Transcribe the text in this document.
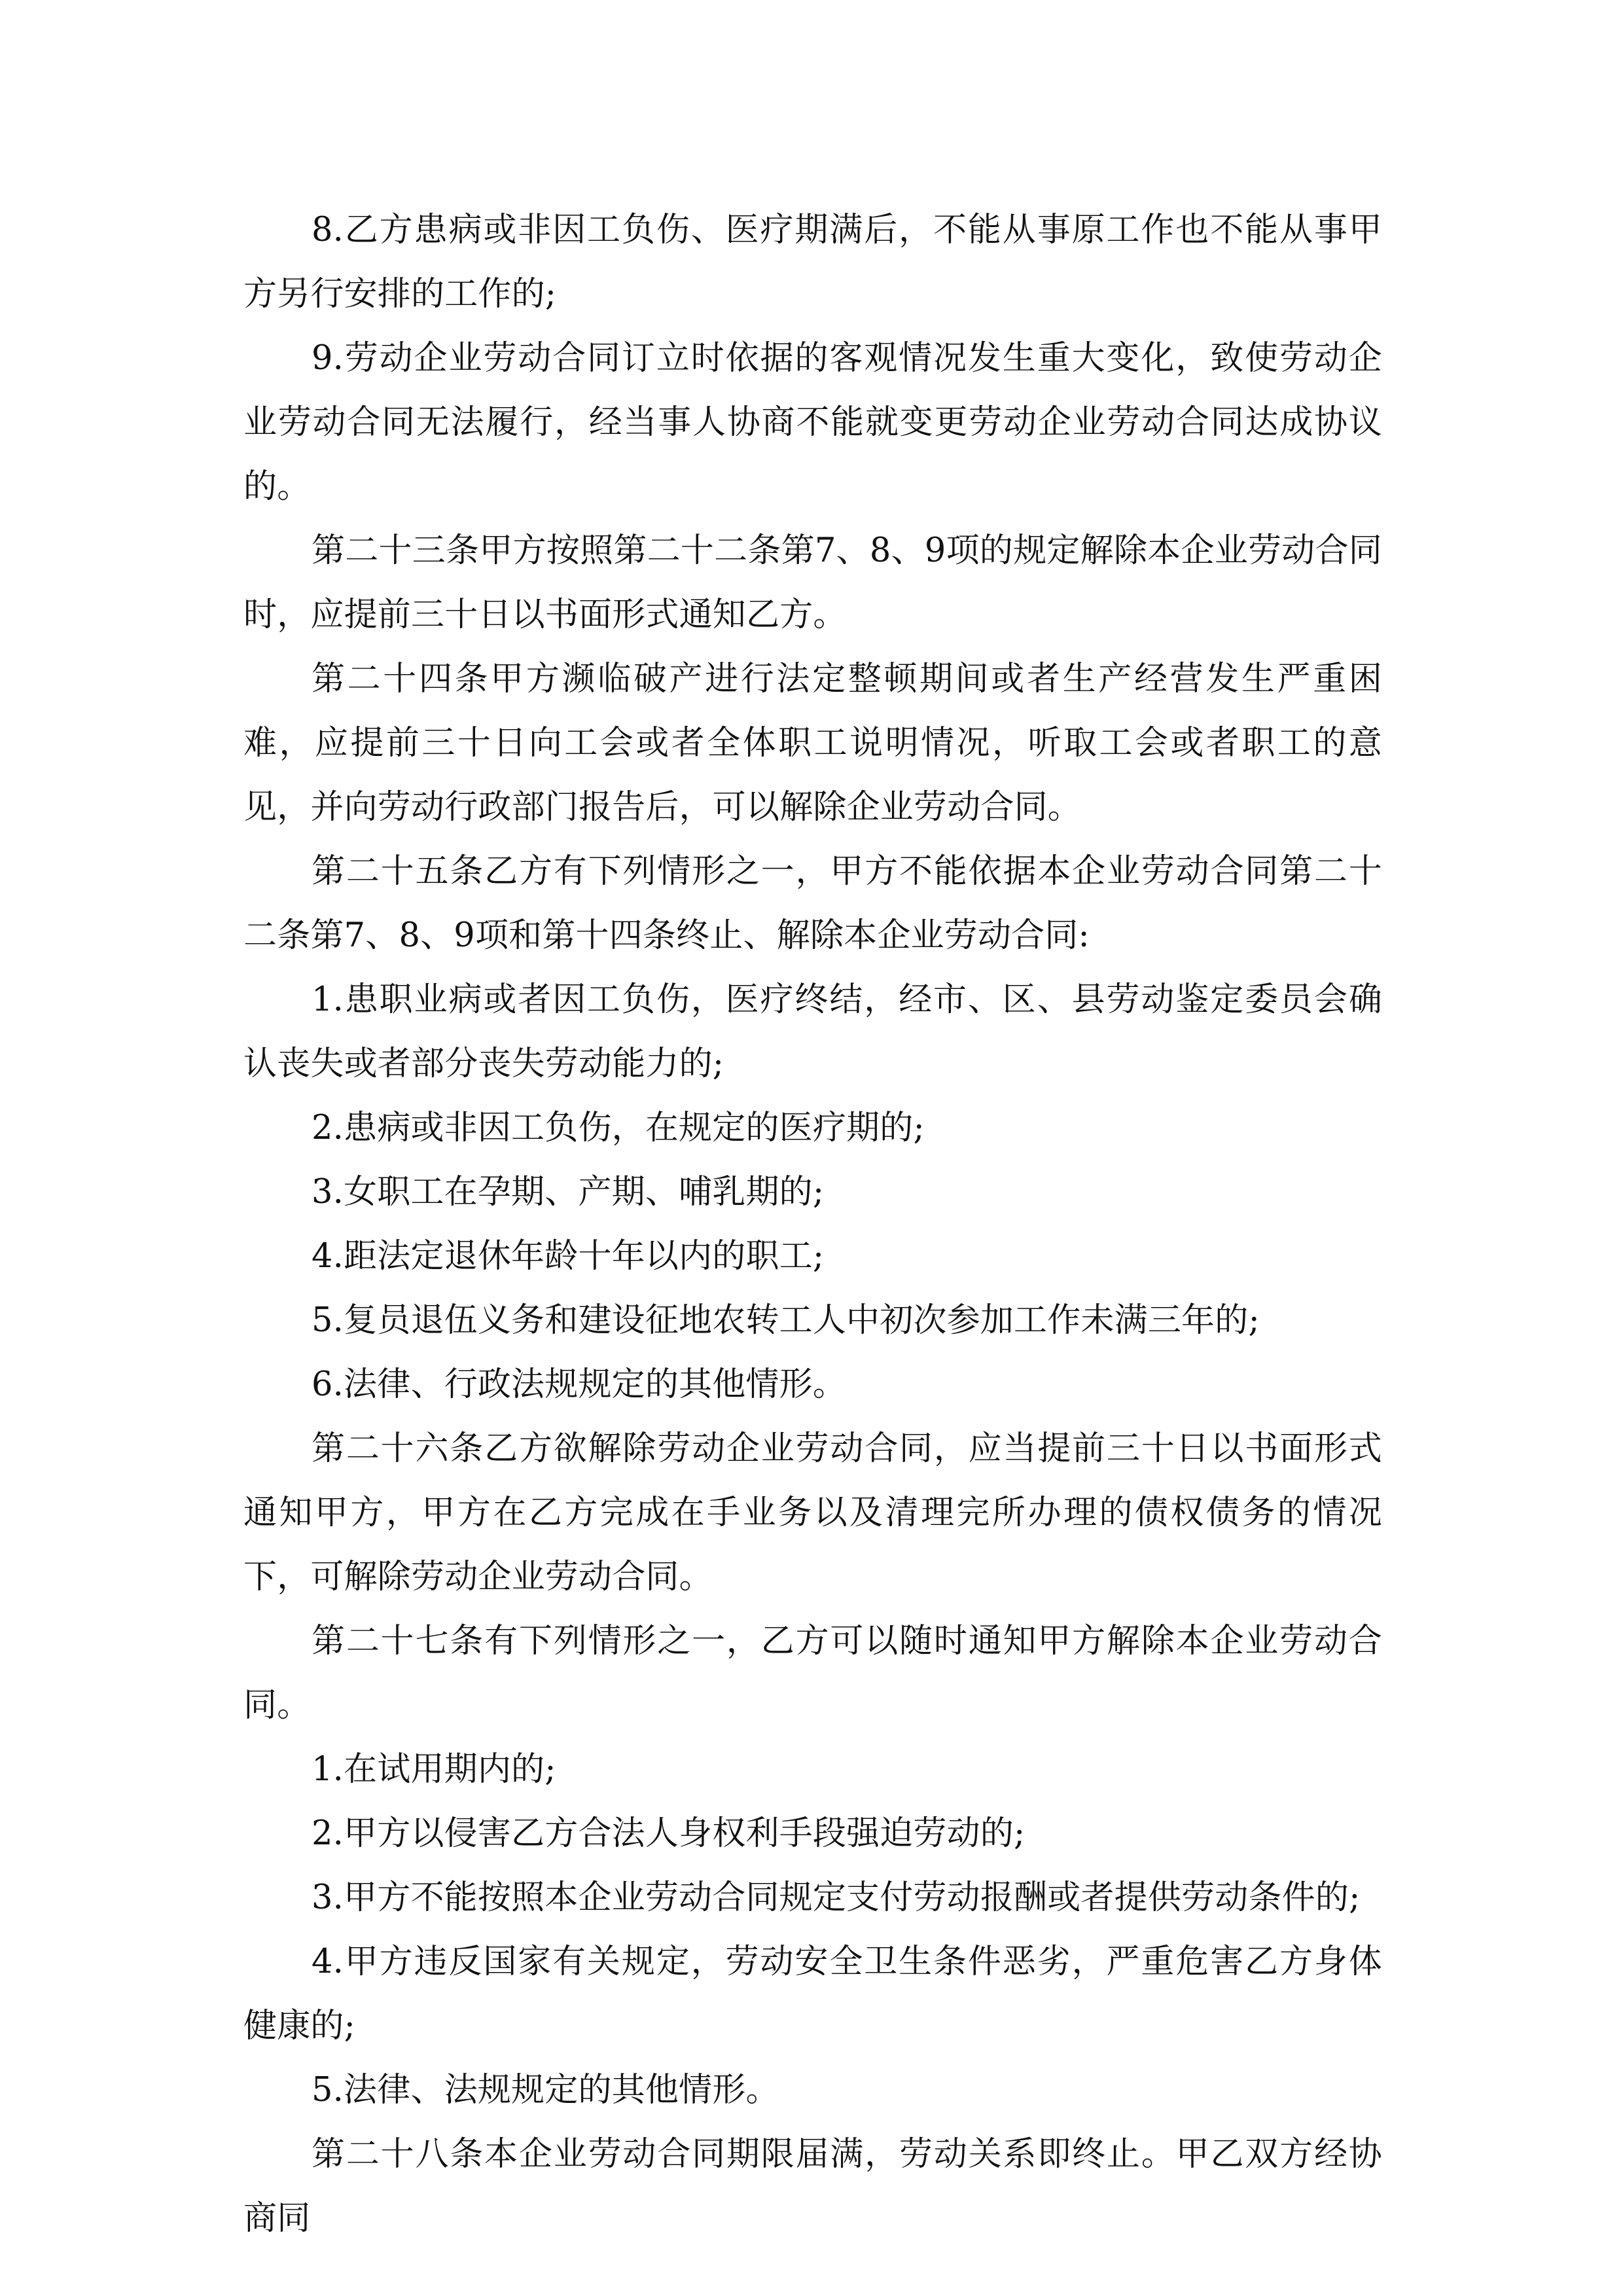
8.乙方患病或非因工负伤、医疗期满后，不能从事原工作也不能从事甲方另行安排的工作的;

9.劳动企业劳动合同订立时依据的客观情况发生重大变化，致使劳动企业劳动合同无法履行，经当事人协商不能就变更劳动企业劳动合同达成协议的。

第二十三条甲方按照第二十二条第7、8、9项的规定解除本企业劳动合同时，应提前三十日以书面形式通知乙方。

第二十四条甲方濒临破产进行法定整顿期间或者生产经营发生严重困难，应提前三十日向工会或者全体职工说明情况，听取工会或者职工的意见，并向劳动行政部门报告后，可以解除企业劳动合同。

第二十五条乙方有下列情形之一，甲方不能依据本企业劳动合同第二十二条第7、8、9项和第十四条终止、解除本企业劳动合同:

1.患职业病或者因工负伤，医疗终结，经市、区、县劳动鉴定委员会确认丧失或者部分丧失劳动能力的;

2.患病或非因工负伤，在规定的医疗期的;

3.女职工在孕期、产期、哺乳期的;

4.距法定退休年龄十年以内的职工;

5.复员退伍义务和建设征地农转工人中初次参加工作未满三年的;

6.法律、行政法规规定的其他情形。

第二十六条乙方欲解除劳动企业劳动合同，应当提前三十日以书面形式通知甲方，甲方在乙方完成在手业务以及清理完所办理的债权债务的情况下，可解除劳动企业劳动合同。

第二十七条有下列情形之一，乙方可以随时通知甲方解除本企业劳动合同。

1.在试用期内的;

2.甲方以侵害乙方合法人身权利手段强迫劳动的;

3.甲方不能按照本企业劳动合同规定支付劳动报酬或者提供劳动条件的;

4.甲方违反国家有关规定，劳动安全卫生条件恶劣，严重危害乙方身体健康的;

5.法律、法规规定的其他情形。

第二十八条本企业劳动合同期限届满，劳动关系即终止。甲乙双方经协商同
